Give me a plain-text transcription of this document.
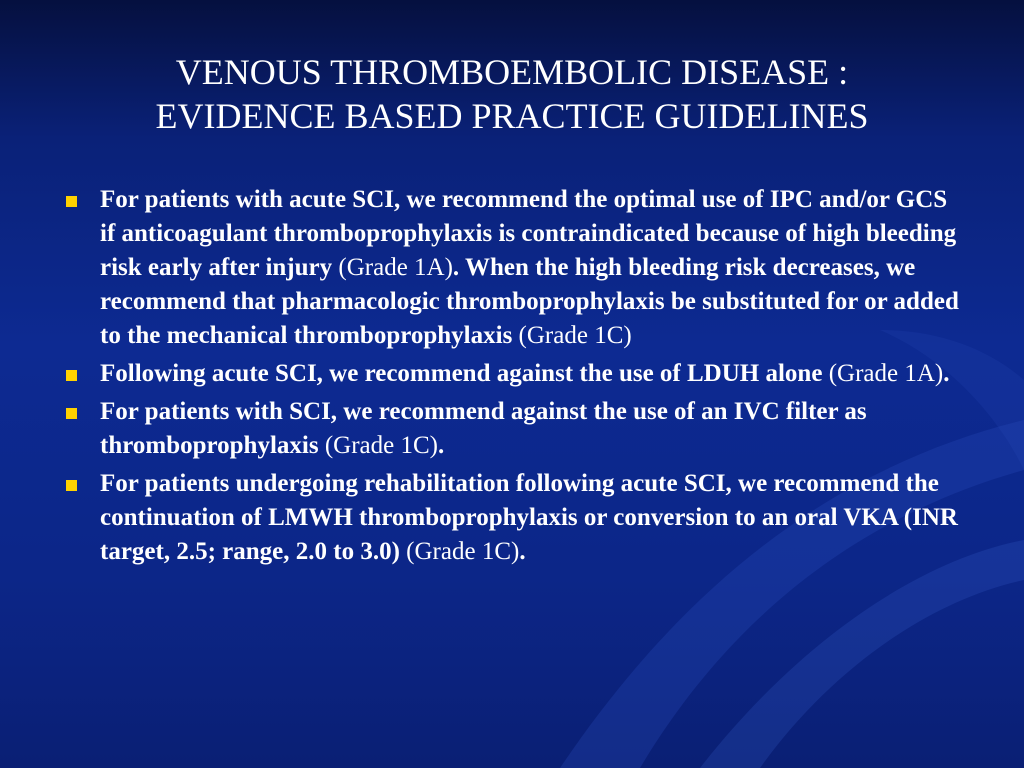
VENOUS THROMBOEMBOLIC DISEASE :
EVIDENCE BASED PRACTICE GUIDELINES
For patients with acute SCI, we recommend the optimal use of IPC and/or GCS if anticoagulant thromboprophylaxis is contraindicated because of high bleeding risk early after injury (Grade 1A). When the high bleeding risk decreases, we recommend that pharmacologic thromboprophylaxis be substituted for or added to the mechanical thromboprophylaxis (Grade 1C)
Following acute SCI, we recommend against the use of LDUH alone (Grade 1A).
For patients with SCI, we recommend against the use of an IVC filter as thromboprophylaxis (Grade 1C).
For patients undergoing rehabilitation following acute SCI, we recommend the continuation of LMWH thromboprophylaxis or conversion to an oral VKA (INR target, 2.5; range, 2.0 to 3.0) (Grade 1C).
